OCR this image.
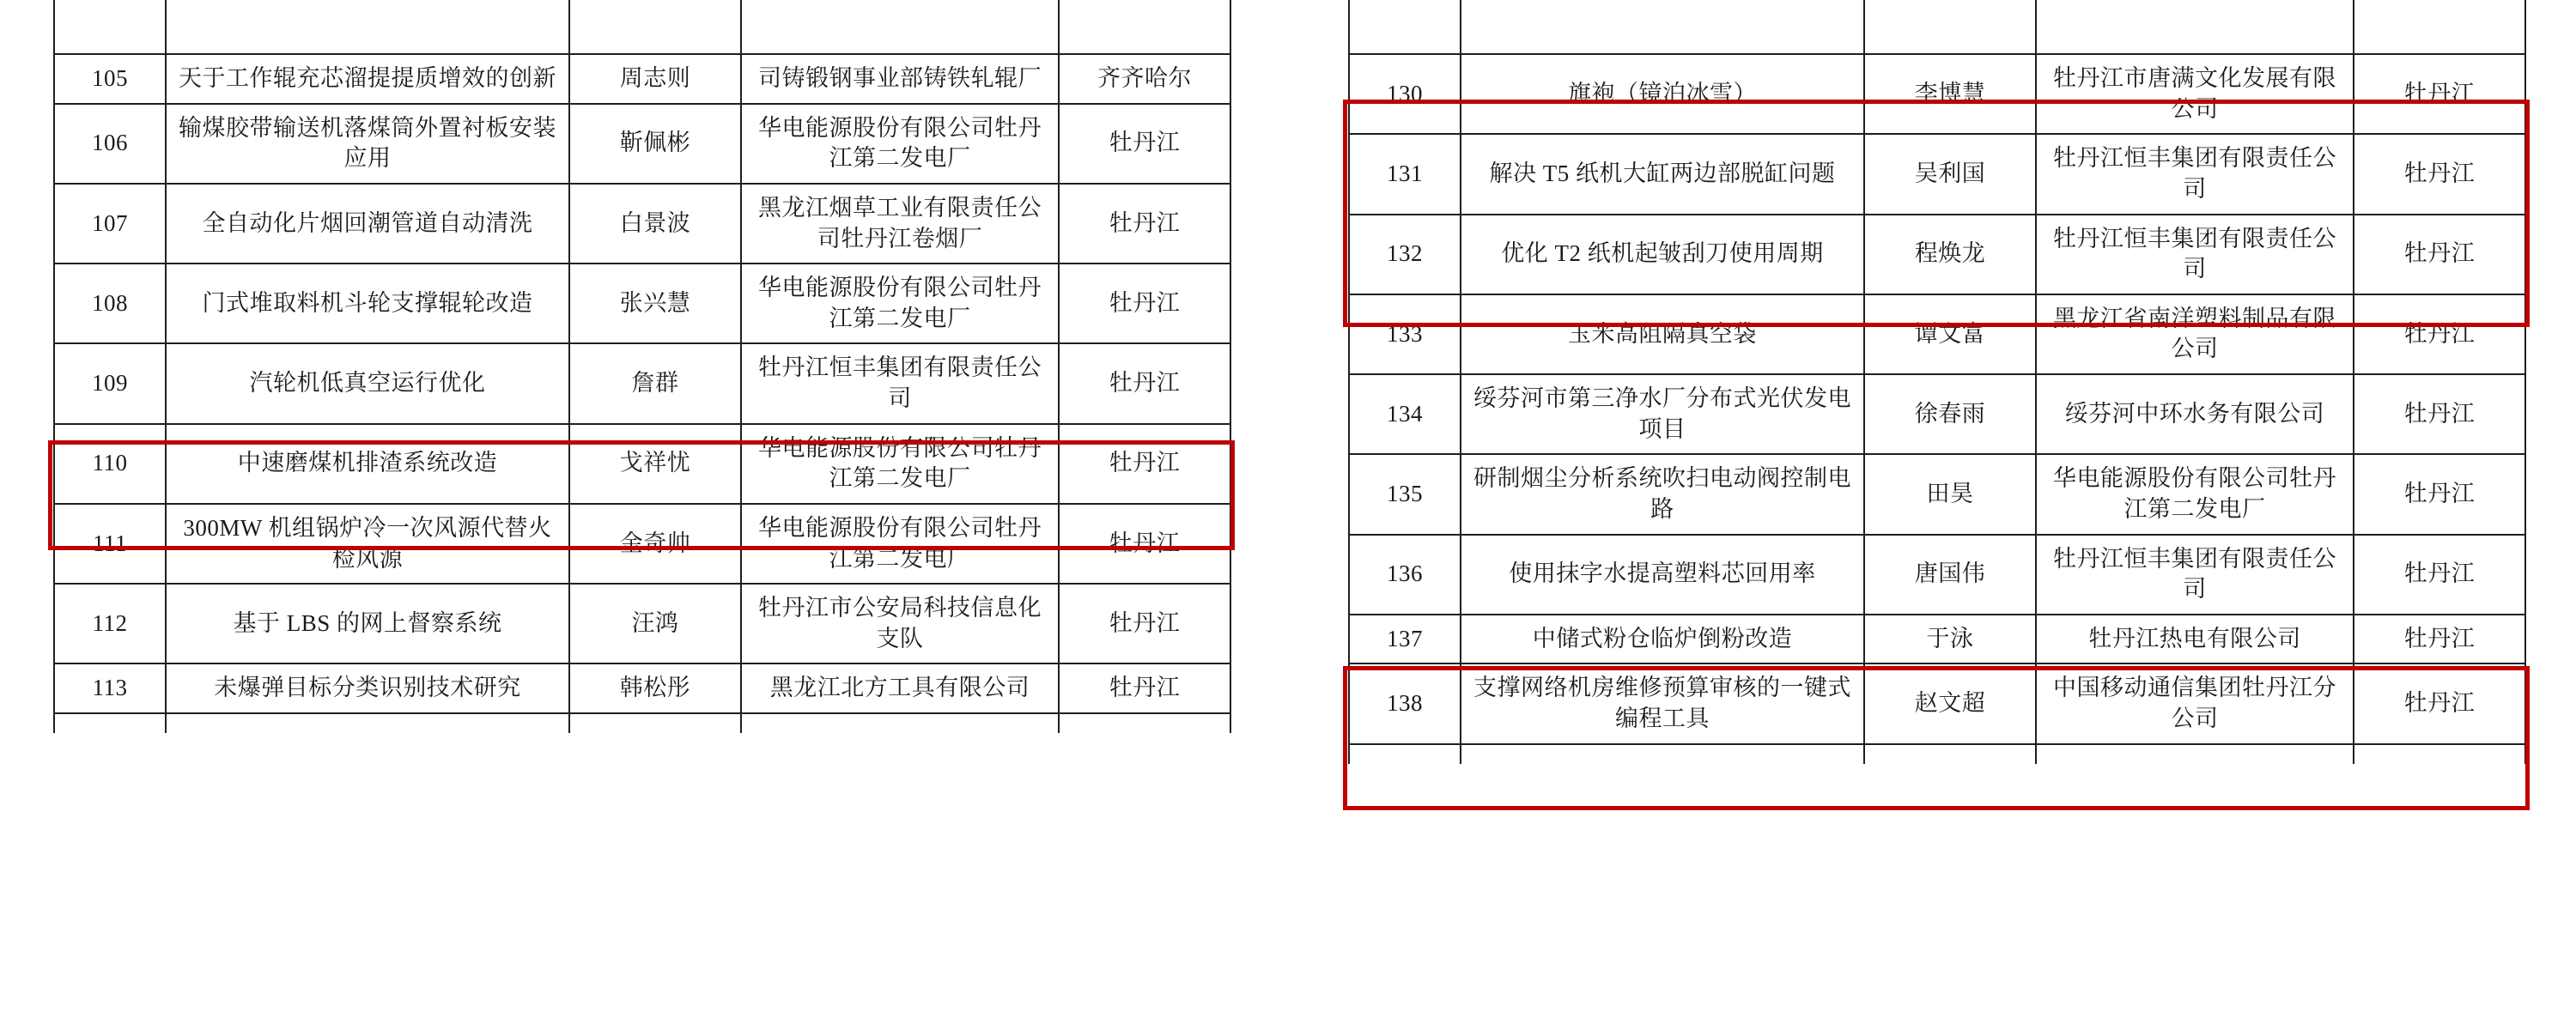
105	天于工作辊充芯溜提提质增效的创新	周志则	司铸锻钢事业部铸铁轧辊厂	齐齐哈尔
106	输煤胶带输送机落煤筒外置衬板安装应用	靳佩彬	华电能源股份有限公司牡丹江第二发电厂	牡丹江
107	全自动化片烟回潮管道自动清洗	白景波	黑龙江烟草工业有限责任公司牡丹江卷烟厂	牡丹江
108	门式堆取料机斗轮支撑辊轮改造	张兴慧	华电能源股份有限公司牡丹江第二发电厂	牡丹江
109	汽轮机低真空运行优化	詹群	牡丹江恒丰集团有限责任公司	牡丹江
110	中速磨煤机排渣系统改造	戈祥忧	华电能源股份有限公司牡丹江第二发电厂	牡丹江
111	300MW 机组锅炉冷一次风源代替火检风源	金奇帅	华电能源股份有限公司牡丹江第二发电厂	牡丹江
112	基于 LBS 的网上督察系统	汪鸿	牡丹江市公安局科技信息化支队	牡丹江
113	未爆弹目标分类识别技术研究	韩松彤	黑龙江北方工具有限公司	牡丹江

130	旗袍（镜泊冰雪）	李博慧	牡丹江市唐满文化发展有限公司	牡丹江
131	解决 T5 纸机大缸两边部脱缸问题	吴利国	牡丹江恒丰集团有限责任公司	牡丹江
132	优化 T2 纸机起皱刮刀使用周期	程焕龙	牡丹江恒丰集团有限责任公司	牡丹江
133	玉米高阻隔真空袋	谭文富	黑龙江省南洋塑料制品有限公司	牡丹江
134	绥芬河市第三净水厂分布式光伏发电项目	徐春雨	绥芬河中环水务有限公司	牡丹江
135	研制烟尘分析系统吹扫电动阀控制电路	田昊	华电能源股份有限公司牡丹江第二发电厂	牡丹江
136	使用抹字水提高塑料芯回用率	唐国伟	牡丹江恒丰集团有限责任公司	牡丹江
137	中储式粉仓临炉倒粉改造	于泳	牡丹江热电有限公司	牡丹江
138	支撑网络机房维修预算审核的一键式编程工具	赵文超	中国移动通信集团牡丹江分公司	牡丹江
